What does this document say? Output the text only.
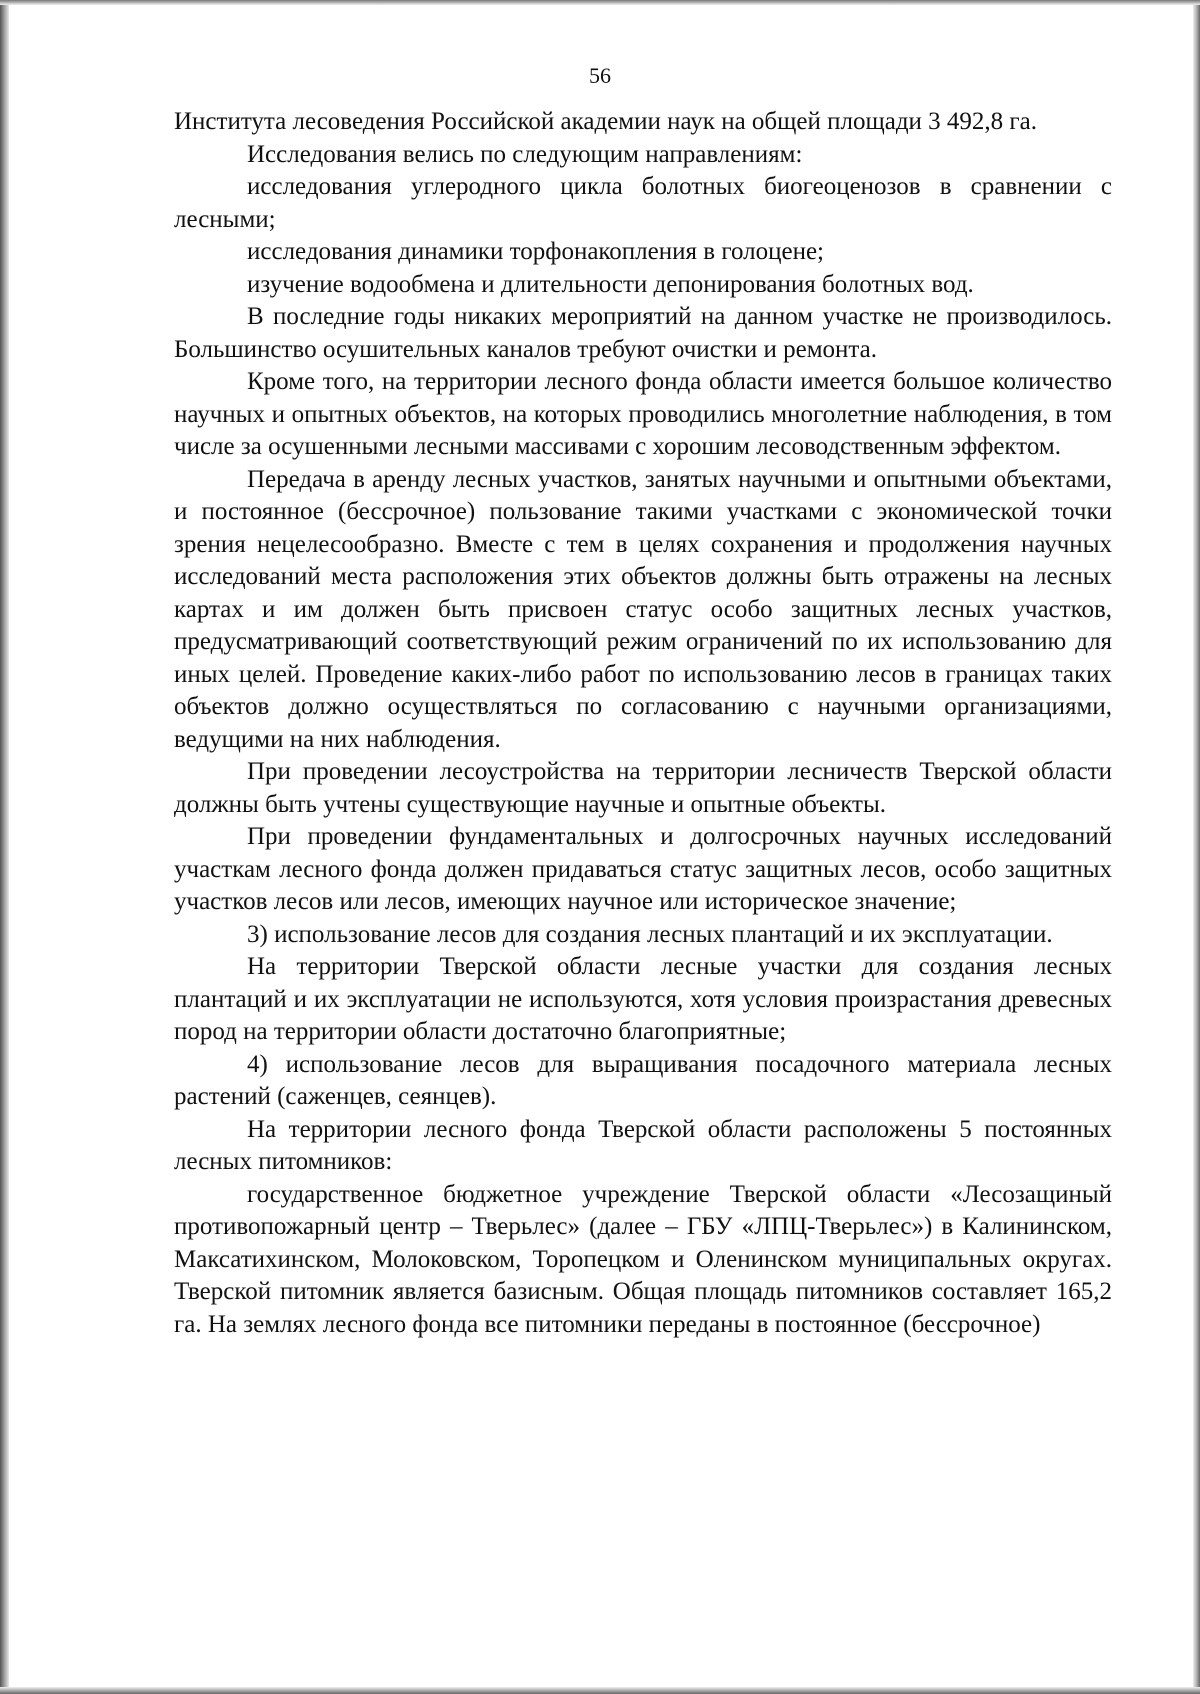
56

Института лесоведения Российской академии наук на общей площади 3 492,8 га.

Исследования велись по следующим направлениям:

исследования углеродного цикла болотных биогеоценозов в сравнении с лесными;

исследования динамики торфонакопления в голоцене;

изучение водообмена и длительности депонирования болотных вод.

В последние годы никаких мероприятий на данном участке не производилось. Большинство осушительных каналов требуют очистки и ремонта.

Кроме того, на территории лесного фонда области имеется большое количество научных и опытных объектов, на которых проводились многолетние наблюдения, в том числе за осушенными лесными массивами с хорошим лесоводственным эффектом.

Передача в аренду лесных участков, занятых научными и опытными объектами, и постоянное (бессрочное) пользование такими участками с экономической точки зрения нецелесообразно. Вместе с тем в целях сохранения и продолжения научных исследований места расположения этих объектов должны быть отражены на лесных картах и им должен быть присвоен статус особо защитных лесных участков, предусматривающий соответствующий режим ограничений по их использованию для иных целей. Проведение каких-либо работ по использованию лесов в границах таких объектов должно осуществляться по согласованию с научными организациями, ведущими на них наблюдения.

При проведении лесоустройства на территории лесничеств Тверской области должны быть учтены существующие научные и опытные объекты.

При проведении фундаментальных и долгосрочных научных исследований участкам лесного фонда должен придаваться статус защитных лесов, особо защитных участков лесов или лесов, имеющих научное или историческое значение;

3) использование лесов для создания лесных плантаций и их эксплуатации.

На территории Тверской области лесные участки для создания лесных плантаций и их эксплуатации не используются, хотя условия произрастания древесных пород на территории области достаточно благоприятные;

4) использование лесов для выращивания посадочного материала лесных растений (саженцев, сеянцев).

На территории лесного фонда Тверской области расположены 5 постоянных лесных питомников:

государственное бюджетное учреждение Тверской области «Лесозащиный противопожарный центр – Тверьлес» (далее – ГБУ «ЛПЦ-Тверьлес») в Калининском, Максатихинском, Молоковском, Торопецком и Оленинском муниципальных округах. Тверской питомник является базисным. Общая площадь питомников составляет 165,2 га. На землях лесного фонда все питомники переданы в постоянное (бессрочное)
